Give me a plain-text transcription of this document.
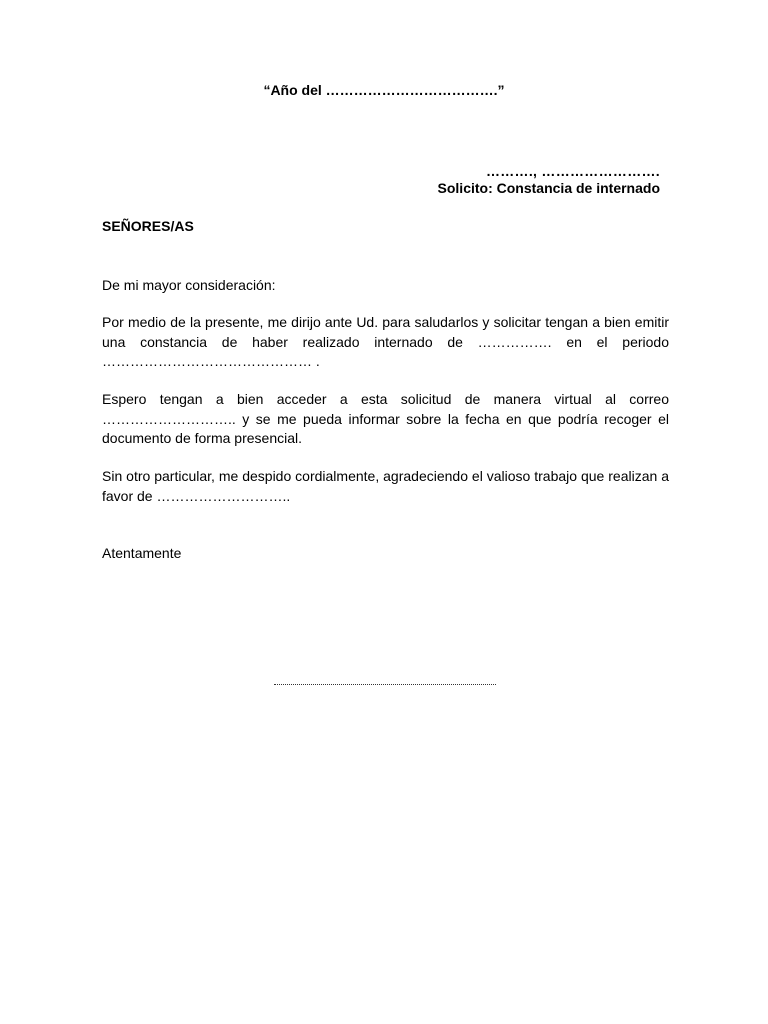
“Año del ……………………………….”
………., …………………….
Solicito: Constancia de internado
SEÑORES/AS

De mi mayor consideración:

Por medio de la presente, me dirijo ante Ud. para saludarlos y solicitar tengan a bien emitir una constancia de haber realizado internado de ……………. en el periodo ……………………………………… .

Espero tengan a bien acceder a esta solicitud de manera virtual al correo ……………………….. y se me pueda informar sobre la fecha en que podría recoger el documento de forma presencial.

Sin otro particular, me despido cordialmente, agradeciendo el valioso trabajo que realizan a favor de ………………………..

Atentamente
